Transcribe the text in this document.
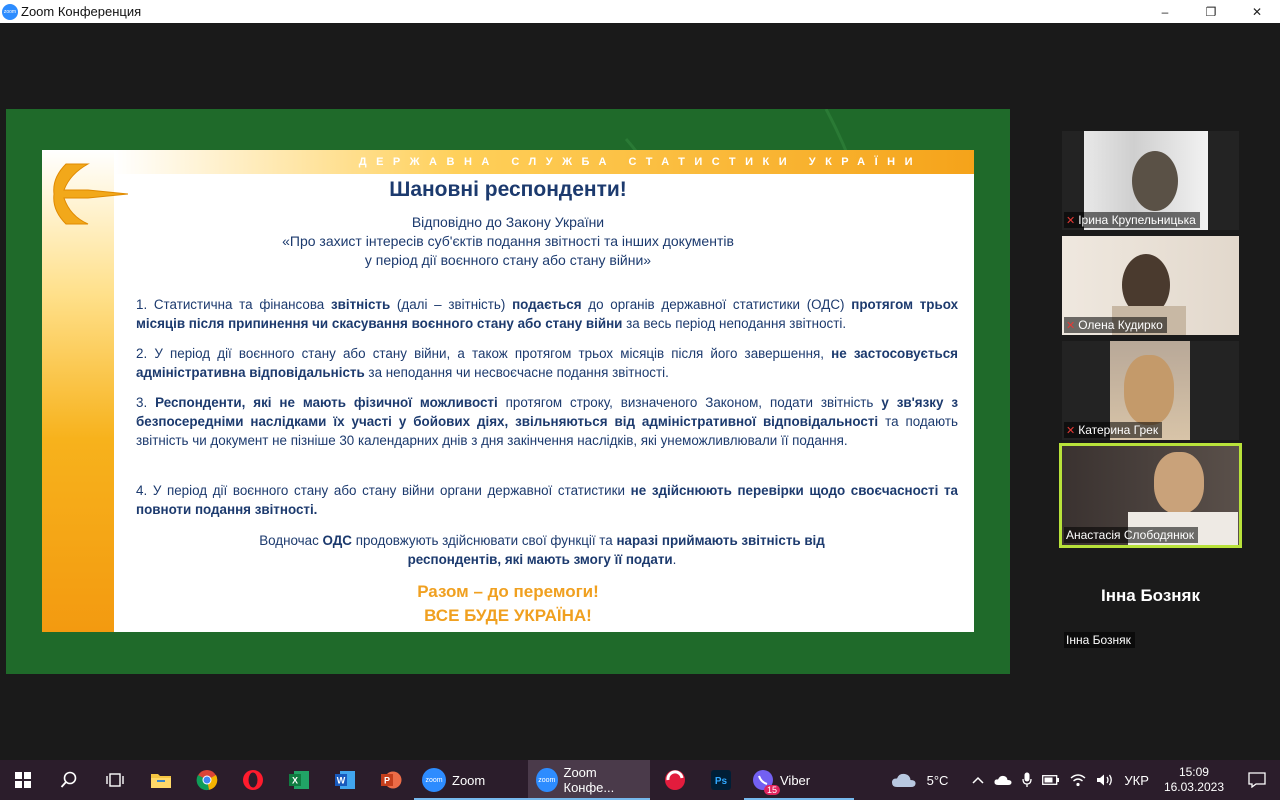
zoom Zoom Конференция	–	❐	✕
ДЕРЖАВНА СЛУЖБА СТАТИСТИКИ УКРАЇНИ
Шановні респонденти!
Відповідно до Закону України
«Про захист інтересів суб'єктів подання звітності та інших документів
у період дії воєнного стану або стану війни»
1. Статистична та фінансова звітність (далі – звітність) подається до органів державної статистики (ОДС) протягом трьох місяців після припинення чи скасування воєнного стану або стану війни за весь період неподання звітності.
2. У період дії воєнного стану або стану війни, а також протягом трьох місяців після його завершення, не застосовується адміністративна відповідальність за неподання чи несвоєчасне подання звітності.
3. Респонденти, які не мають фізичної можливості протягом строку, визначеного Законом, подати звітність у зв'язку з безпосередніми наслідками їх участі у бойових діях, звільняються від адміністративної відповідальності та подають звітність чи документ не пізніше 30 календарних днів з дня закінчення наслідків, які унеможливлювали її подання.
4. У період дії воєнного стану або стану війни органи державної статистики не здійснюють перевірки щодо своєчасності та повноти подання звітності.
Водночас ОДС продовжують здійснювати свої функції та наразі приймають звітність від респондентів, які мають змогу її подати.
Разом – до перемоги!
ВСЕ БУДЕ УКРАЇНА!
✕ Ірина Крупельницька
✕ Олена Кудирко
✕ Катерина Грек
Анастасія Слободянюк
Інна Бозняк
Інна Бозняк
X	W	P	zoom Zoom	zoom Zoom Конфе...	Ps	Viber
15
5°C	УКР
15:09
16.03.2023
